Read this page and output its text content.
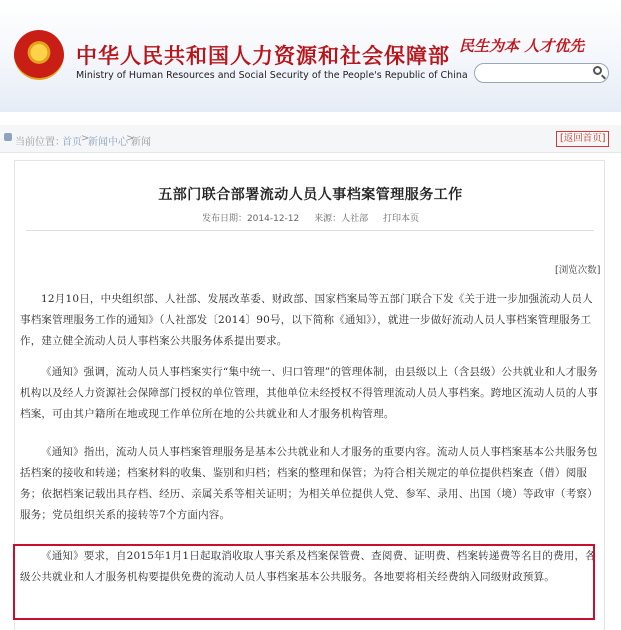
中华人民共和国人力资源和社会保障部
Ministry of Human Resources and Social Security of the People's Republic of China
民生为本 人才优先
当前位置：
首页 >
新闻中心
>
新闻	[返回首页]
五部门联合部署流动人员人事档案管理服务工作
发布日期：2014-12-12 来源：人社部 打印本页
[浏览次数]
12月10日，中央组织部、人社部、发展改革委、财政部、国家档案局等五部门联合下发《关于进一步加强流动人员人事档案管理服务工作的通知》（人社部发〔2014〕90号，以下简称《通知》），就进一步做好流动人员人事档案管理服务工作，建立健全流动人员人事档案公共服务体系提出要求。
《通知》强调，流动人员人事档案实行“集中统一、归口管理”的管理体制，由县级以上（含县级）公共就业和人才服务机构以及经人力资源社会保障部门授权的单位管理，其他单位未经授权不得管理流动人员人事档案。跨地区流动人员的人事档案，可由其户籍所在地或现工作单位所在地的公共就业和人才服务机构管理。
《通知》指出，流动人员人事档案管理服务是基本公共就业和人才服务的重要内容。流动人员人事档案基本公共服务包括档案的接收和转递；档案材料的收集、鉴别和归档；档案的整理和保管；为符合相关规定的单位提供档案查（借）阅服务；依据档案记载出具存档、经历、亲属关系等相关证明；为相关单位提供人党、参军、录用、出国（境）等政审（考察）服务；党员组织关系的接转等7个方面内容。
《通知》要求，自2015年1月1日起取消收取人事关系及档案保管费、查阅费、证明费、档案转递费等名目的费用，各级公共就业和人才服务机构要提供免费的流动人员人事档案基本公共服务。各地要将相关经费纳入同级财政预算。
